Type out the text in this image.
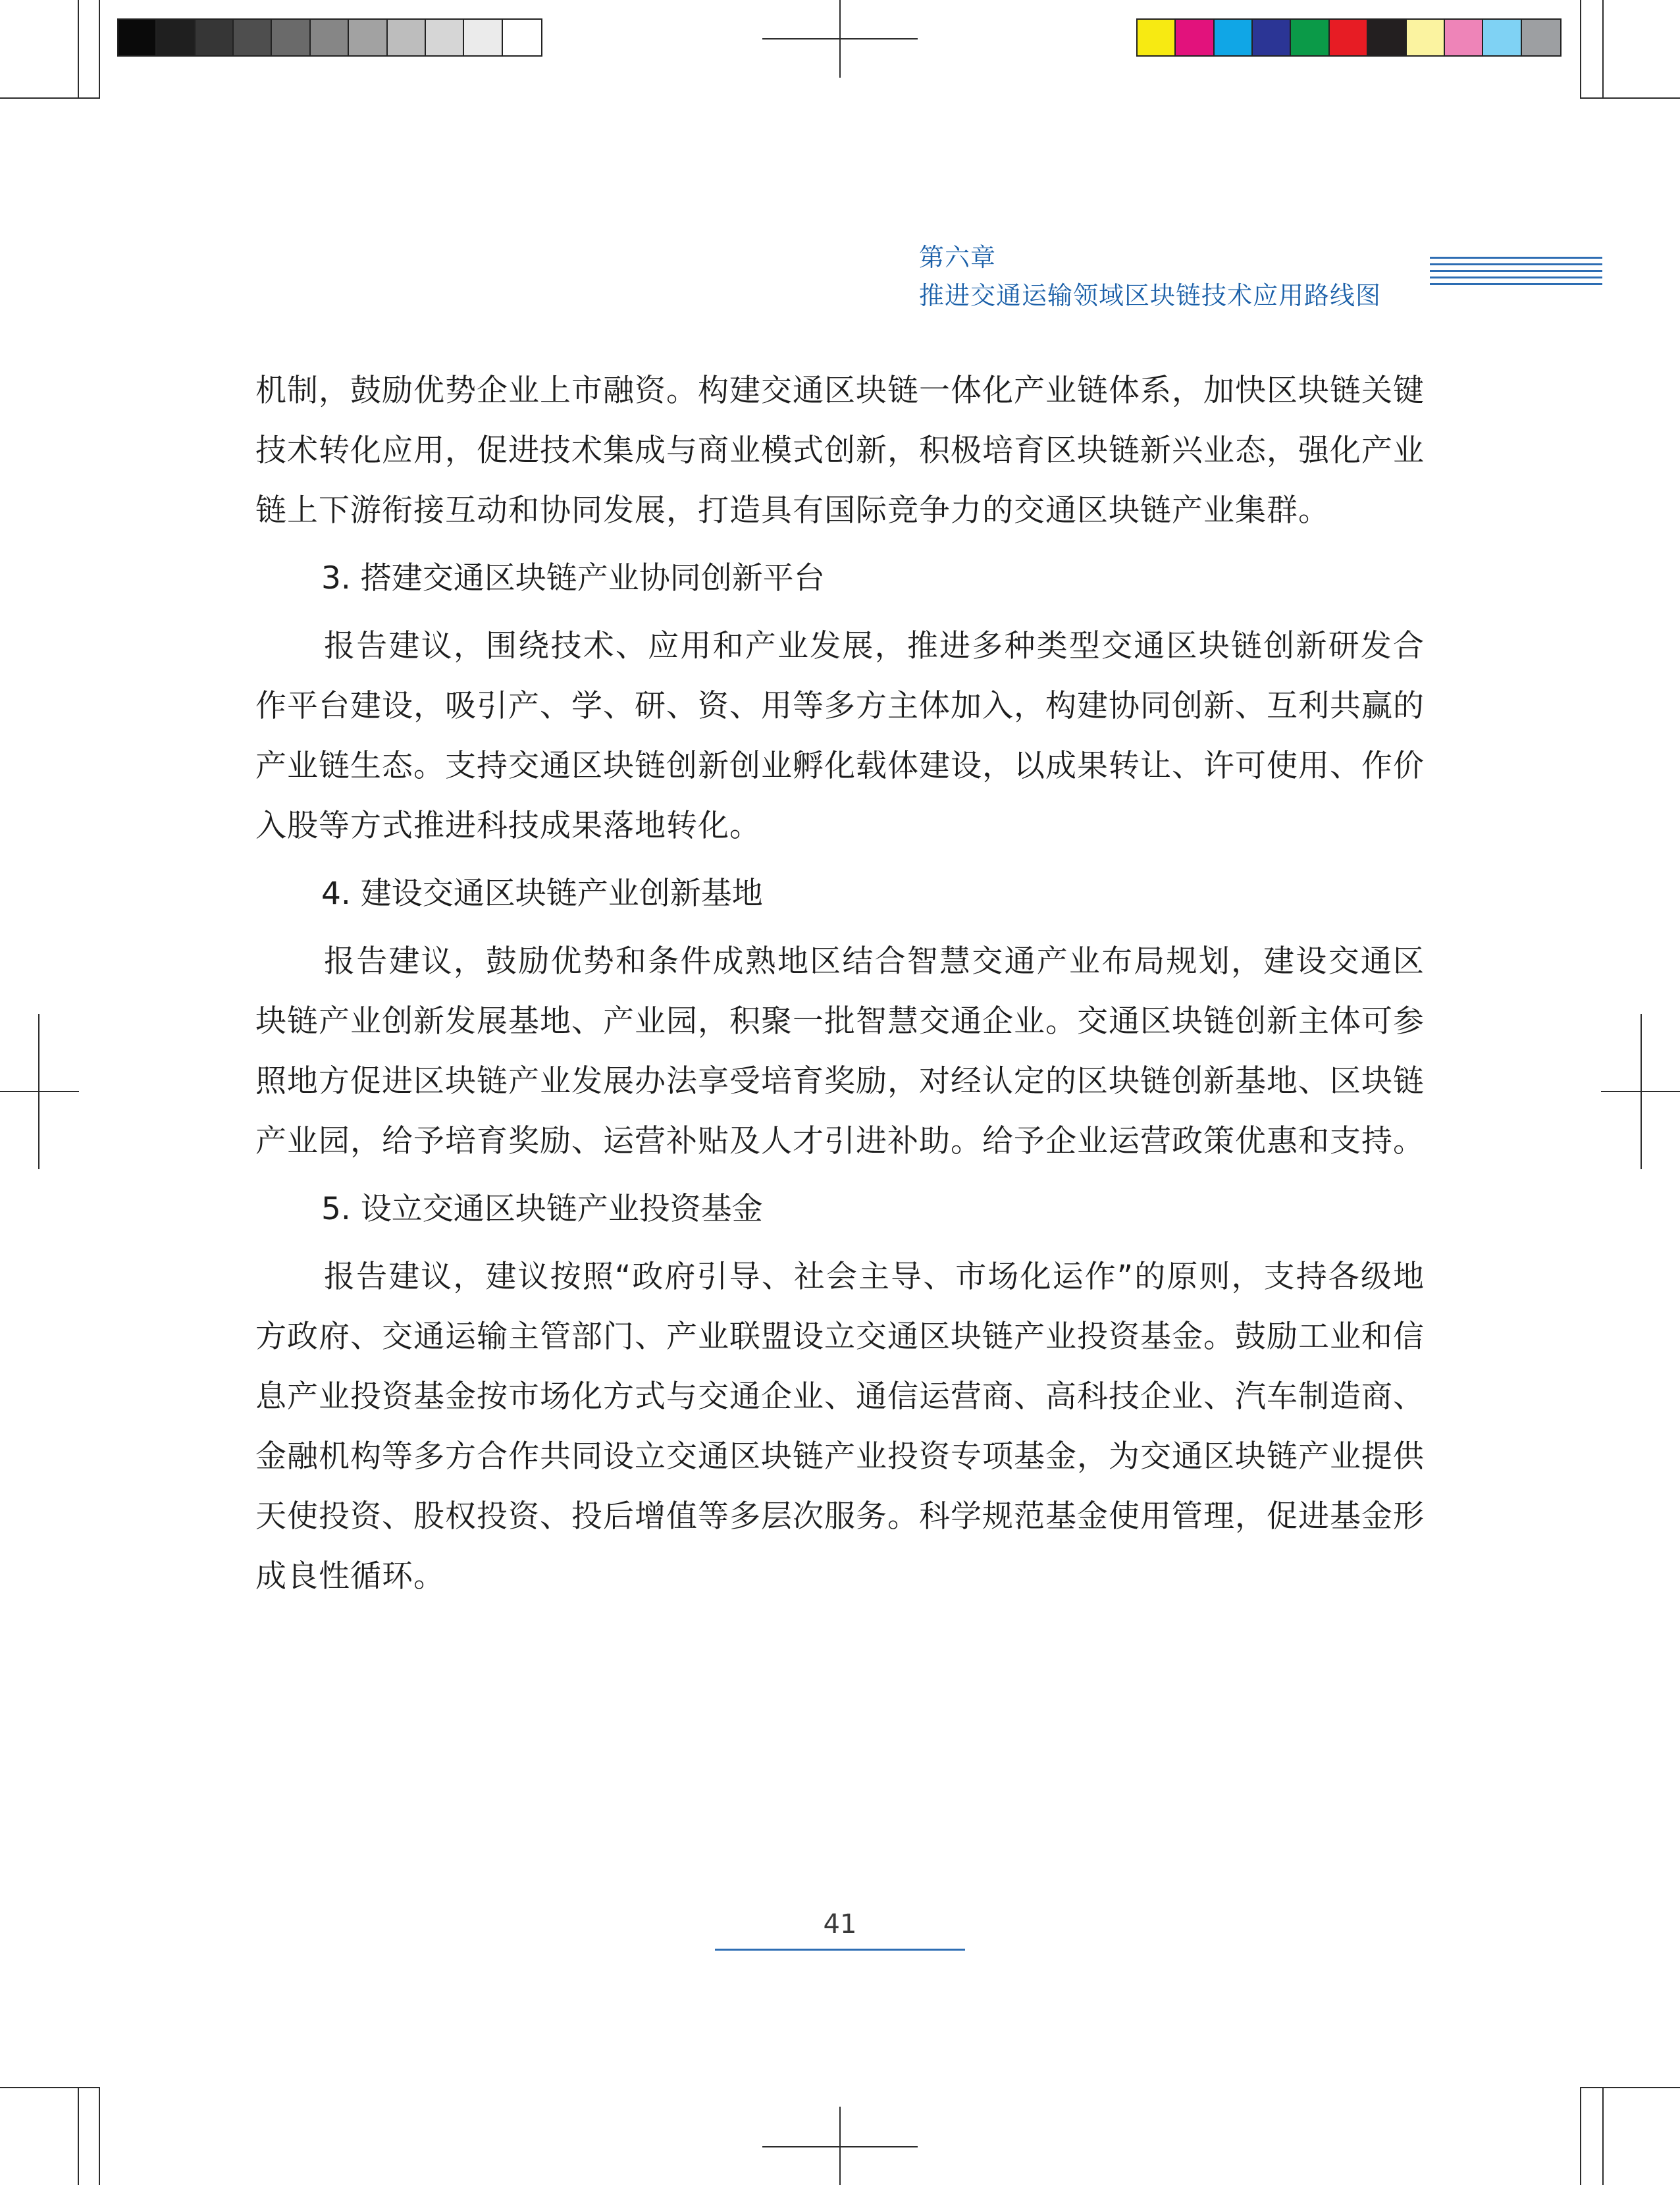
第六章
推进交通运输领域区块链技术应用路线图

机制，鼓励优势企业上市融资。构建交通区块链一体化产业链体系，加快区块链关键技术转化应用，促进技术集成与商业模式创新，积极培育区块链新兴业态，强化产业链上下游衔接互动和协同发展，打造具有国际竞争力的交通区块链产业集群。

3. 搭建交通区块链产业协同创新平台

报告建议，围绕技术、应用和产业发展，推进多种类型交通区块链创新研发合作平台建设，吸引产、学、研、资、用等多方主体加入，构建协同创新、互利共赢的产业链生态。支持交通区块链创新创业孵化载体建设，以成果转让、许可使用、作价入股等方式推进科技成果落地转化。

4. 建设交通区块链产业创新基地

报告建议，鼓励优势和条件成熟地区结合智慧交通产业布局规划，建设交通区块链产业创新发展基地、产业园，积聚一批智慧交通企业。交通区块链创新主体可参照地方促进区块链产业发展办法享受培育奖励，对经认定的区块链创新基地、区块链产业园，给予培育奖励、运营补贴及人才引进补助。给予企业运营政策优惠和支持。

5. 设立交通区块链产业投资基金

报告建议，建议按照“政府引导、社会主导、市场化运作”的原则，支持各级地方政府、交通运输主管部门、产业联盟设立交通区块链产业投资基金。鼓励工业和信息产业投资基金按市场化方式与交通企业、通信运营商、高科技企业、汽车制造商、金融机构等多方合作共同设立交通区块链产业投资专项基金，为交通区块链产业提供天使投资、股权投资、投后增值等多层次服务。科学规范基金使用管理，促进基金形成良性循环。

41
